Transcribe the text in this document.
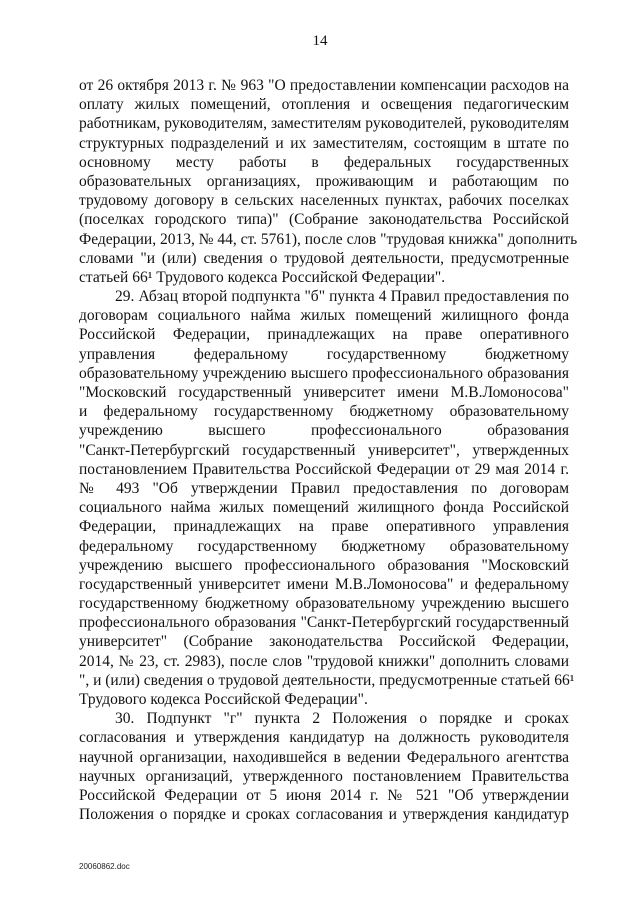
14
от 26 октября 2013 г. № 963 "О предоставлении компенсации расходов на
оплату жилых помещений, отопления и освещения педагогическим
работникам, руководителям, заместителям руководителей, руководителям
структурных подразделений и их заместителям, состоящим в штате по
основному месту работы в федеральных государственных
образовательных организациях, проживающим и работающим по
трудовому договору в сельских населенных пунктах, рабочих поселках
(поселках городского типа)" (Собрание законодательства Российской
Федерации, 2013, № 44, ст. 5761), после слов "трудовая книжка" дополнить
словами "и (или) сведения о трудовой деятельности, предусмотренные
статьей 66¹ Трудового кодекса Российской Федерации".
29. Абзац второй подпункта "б" пункта 4 Правил предоставления по
договорам социального найма жилых помещений жилищного фонда
Российской Федерации, принадлежащих на праве оперативного
управления федеральному государственному бюджетному
образовательному учреждению высшего профессионального образования
"Московский государственный университет имени М.В.Ломоносова"
и федеральному государственному бюджетному образовательному
учреждению высшего профессионального образования
"Санкт-Петербургский государственный университет", утвержденных
постановлением Правительства Российской Федерации от 29 мая 2014 г.
№ 493 "Об утверждении Правил предоставления по договорам
социального найма жилых помещений жилищного фонда Российской
Федерации, принадлежащих на праве оперативного управления
федеральному государственному бюджетному образовательному
учреждению высшего профессионального образования "Московский
государственный университет имени М.В.Ломоносова" и федеральному
государственному бюджетному образовательному учреждению высшего
профессионального образования "Санкт-Петербургский государственный
университет" (Собрание законодательства Российской Федерации,
2014, № 23, ст. 2983), после слов "трудовой книжки" дополнить словами
", и (или) сведения о трудовой деятельности, предусмотренные статьей 66¹
Трудового кодекса Российской Федерации".
30. Подпункт "г" пункта 2 Положения о порядке и сроках
согласования и утверждения кандидатур на должность руководителя
научной организации, находившейся в ведении Федерального агентства
научных организаций, утвержденного постановлением Правительства
Российской Федерации от 5 июня 2014 г. № 521 "Об утверждении
Положения о порядке и сроках согласования и утверждения кандидатур
20060862.doc
